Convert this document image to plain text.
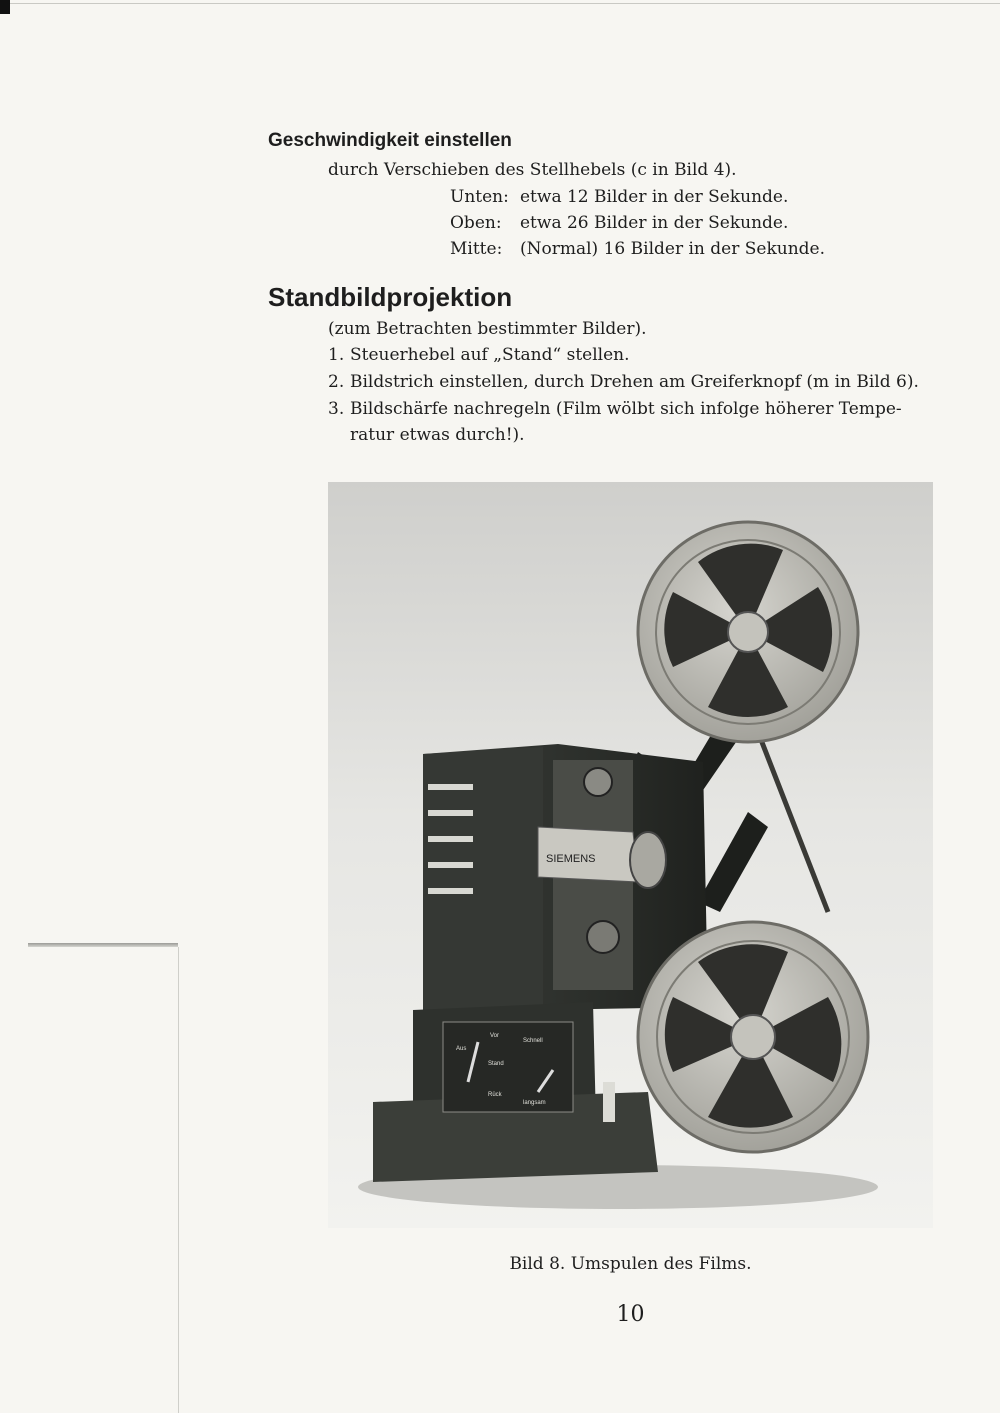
Geschwindigkeit einstellen
durch Verschieben des Stellhebels (c in Bild 4).
Unten: etwa 12 Bilder in der Sekunde.
Oben: etwa 26 Bilder in der Sekunde.
Mitte: (Normal) 16 Bilder in der Sekunde.
Standbildprojektion
(zum Betrachten bestimmter Bilder).
1. Steuerhebel auf „Stand“ stellen.
2. Bildstrich einstellen, durch Drehen am Greiferknopf (m in Bild 6).
3. Bildschärfe nachregeln (Film wölbt sich infolge höherer Tempe-
ratur etwas durch!).
SIEMENS
Vor
Schnell
Aus
Stand
Rück
langsam
Bild 8. Umspulen des Films.
10
